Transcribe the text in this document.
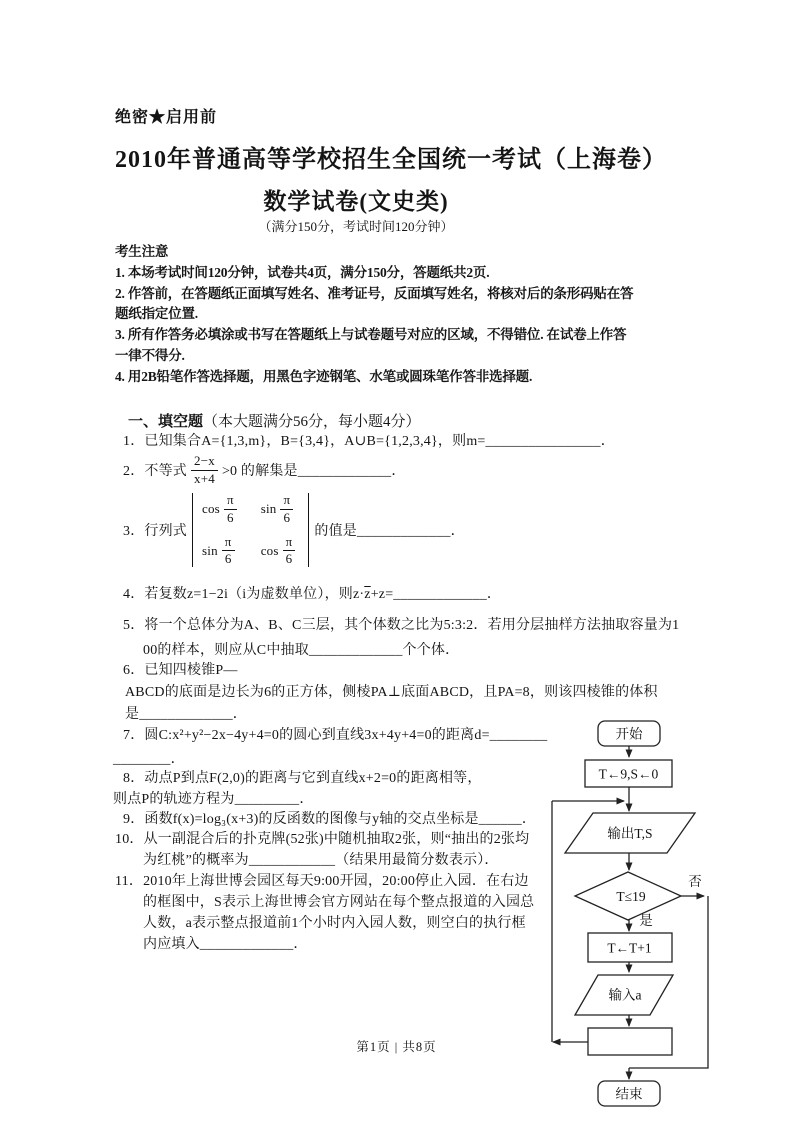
绝密★启用前
2010年普通高等学校招生全国统一考试（上海卷）
数学试卷(文史类)
（满分150分，考试时间120分钟）
考生注意
1. 本场考试时间120分钟，试卷共4页，满分150分，答题纸共2页.
2. 作答前，在答题纸正面填写姓名、准考证号，反面填写姓名，将核对后的条形码贴在答
题纸指定位置.
3. 所有作答务必填涂或书写在答题纸上与试卷题号对应的区域，不得错位. 在试卷上作答
一律不得分.
4. 用2B铅笔作答选择题，用黑色字迹钢笔、水笔或圆珠笔作答非选择题.
一、填空题（本大题满分56分，每小题4分）
1．已知集合A={1,3,m}，B={3,4}，A∪B={1,2,3,4}，则m=________________．
2．不等式 $\frac{2-x}{x+4} >0$ 的解集是_____________．
3．行列式
$\cos \frac{\pi}{6}$ $\sin \frac{\pi}{6}$
$\sin \frac{\pi}{6}$ $\cos \frac{\pi}{6}$
的值是_____________．
4．若复数z=1−2i（i为虚数单位），则$z\cdot\overline{z}+z=\_\_\_\_\_\_\_\_\_\_\_\_\_$．
5．将一个总体分为A、B、C三层，其个体数之比为5:3:2．若用分层抽样方法抽取容量为1
00的样本，则应从C中抽取_____________个个体．
6．已知四棱锥P—
ABCD的底面是边长为6的正方体，侧棱PA⊥底面ABCD，且PA=8，则该四棱锥的体积
是_____________．
7．圆C:x²+y²−2x−4y+4=0的圆心到直线3x+4y+4=0的距离d=________
________．
8．动点P到点F(2,0)的距离与它到直线x+2=0的距离相等，
则点P的轨迹方程为_________．
9．函数f(x)=log₃(x+3)的反函数的图像与y轴的交点坐标是______．
10．从一副混合后的扑克牌(52张)中随机抽取2张，则“抽出的2张均
为红桃”的概率为____________（结果用最简分数表示）．
11．2010年上海世博会园区每天9:00开园，20:00停止入园．在右边
的框图中，S表示上海世博会官方网站在每个整点报道的入园总
人数，a表示整点报道前1个小时内入园人数，则空白的执行框
内应填入_____________．
开始
T←9,S←0
输出T,S
T≤19
否
是
T←T+1
输入a
结束
第1页 | 共8页
